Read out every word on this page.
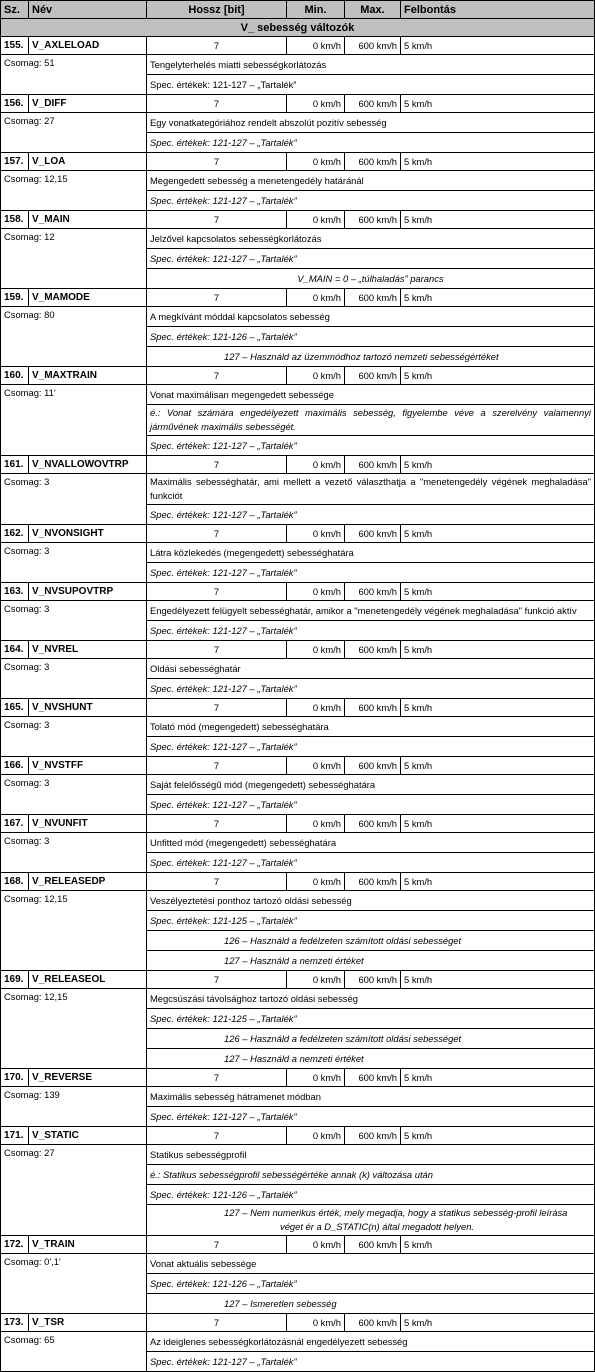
Sz.	Név	Hossz [bit]	Min.	Max.	Felbontás
V_ sebesség változók					
155.	V_AXLELOAD	7	0 km/h	600 km/h	5 km/h
Csomag: 51		Tengelyterhelés miatti sebességkorlátozás			
		Spec. értékek: 121-127 – „Tartalék”			
156.	V_DIFF	7	0 km/h	600 km/h	5 km/h
Csomag: 27		Egy vonatkategóriához rendelt abszolút pozitív sebesség			
		Spec. értékek: 121-127 – „Tartalék”			
157.	V_LOA	7	0 km/h	600 km/h	5 km/h
Csomag: 12,15		Megengedett sebesség a menetengedély határánál			
		Spec. értékek: 121-127 – „Tartalék”			
158.	V_MAIN	7	0 km/h	600 km/h	5 km/h
Csomag: 12		Jelzővel kapcsolatos sebességkorlátozás			
		Spec. értékek: 121-127 – „Tartalék”			
		V_MAIN = 0 – „túlhaladás” parancs			
159.	V_MAMODE	7	0 km/h	600 km/h	5 km/h
Csomag: 80		A megkívánt móddal kapcsolatos sebesség			
		Spec. értékek: 121-126 – „Tartalék”			
		127 – Használd az üzemmódhoz tartozó nemzeti sebességértéket			
160.	V_MAXTRAIN	7	0 km/h	600 km/h	5 km/h
Csomag: 11'		Vonat maximálisan megengedett sebessége			
		é.: Vonat számára engedélyezett maximális sebesség, figyelembe véve a szerelvény valamennyi járművének maximális sebességét.			
		Spec. értékek: 121-127 – „Tartalék”			
161.	V_NVALLOWOVTRP	7	0 km/h	600 km/h	5 km/h
Csomag: 3		Maximális sebességhatár, ami mellett a vezető választhatja a "menetengedély végének meghaladása" funkciót			
		Spec. értékek: 121-127 – „Tartalék”			
162.	V_NVONSIGHT	7	0 km/h	600 km/h	5 km/h
Csomag: 3		Látra közlekedés (megengedett) sebességhatára			
		Spec. értékek: 121-127 – „Tartalék”			
163.	V_NVSUPOVTRP	7	0 km/h	600 km/h	5 km/h
Csomag: 3		Engedélyezett felügyelt sebességhatár, amikor a "menetengedély végének meghaladása" funkció aktív			
		Spec. értékek: 121-127 – „Tartalék”			
164.	V_NVREL	7	0 km/h	600 km/h	5 km/h
Csomag: 3		Oldási sebességhatár			
		Spec. értékek: 121-127 – „Tartalék”			
165.	V_NVSHUNT	7	0 km/h	600 km/h	5 km/h
Csomag: 3		Tolató mód (megengedett) sebességhatára			
		Spec. értékek: 121-127 – „Tartalék”			
166.	V_NVSTFF	7	0 km/h	600 km/h	5 km/h
Csomag: 3		Saját felelősségű mód (megengedett) sebességhatára			
		Spec. értékek: 121-127 – „Tartalék”			
167.	V_NVUNFIT	7	0 km/h	600 km/h	5 km/h
Csomag: 3		Unfitted mód (megengedett) sebességhatára			
		Spec. értékek: 121-127 – „Tartalék”			
168.	V_RELEASEDP	7	0 km/h	600 km/h	5 km/h
Csomag: 12,15		Veszélyeztetési ponthoz tartozó oldási sebesség			
		Spec. értékek: 121-125 – „Tartalék”			
		126 – Használd a fedélzeten számított oldási sebességet			
		127 – Használd a nemzeti értéket			
169.	V_RELEASEOL	7	0 km/h	600 km/h	5 km/h
Csomag: 12,15		Megcsúszási távolsághoz tartozó oldási sebesség			
		Spec. értékek: 121-125 – „Tartalék”			
		126 – Használd a fedélzeten számított oldási sebességet			
		127 – Használd a nemzeti értéket			
170.	V_REVERSE	7	0 km/h	600 km/h	5 km/h
Csomag: 139		Maximális sebesség hátramenet módban			
		Spec. értékek: 121-127 – „Tartalék”			
171.	V_STATIC	7	0 km/h	600 km/h	5 km/h
Csomag: 27		Statikus sebességprofil			
		é.: Statikus sebességprofil sebességértéke annak (k) változása után			
		Spec. értékek: 121-126 – „Tartalék”			
		127 – Nem numerikus érték, mely megadja, hogy a statikus sebesség-profil leírása véget ér a D_STATIC(n) által megadott helyen.			
172.	V_TRAIN	7	0 km/h	600 km/h	5 km/h
Csomag: 0',1'		Vonat aktuális sebessége			
		Spec. értékek: 121-126 – „Tartalék”			
		127 – Ismeretlen sebesség			
173.	V_TSR	7	0 km/h	600 km/h	5 km/h
Csomag: 65		Az ideiglenes sebességkorlátozásnál engedélyezett sebesség			
		Spec. értékek: 121-127 – „Tartalék”			
